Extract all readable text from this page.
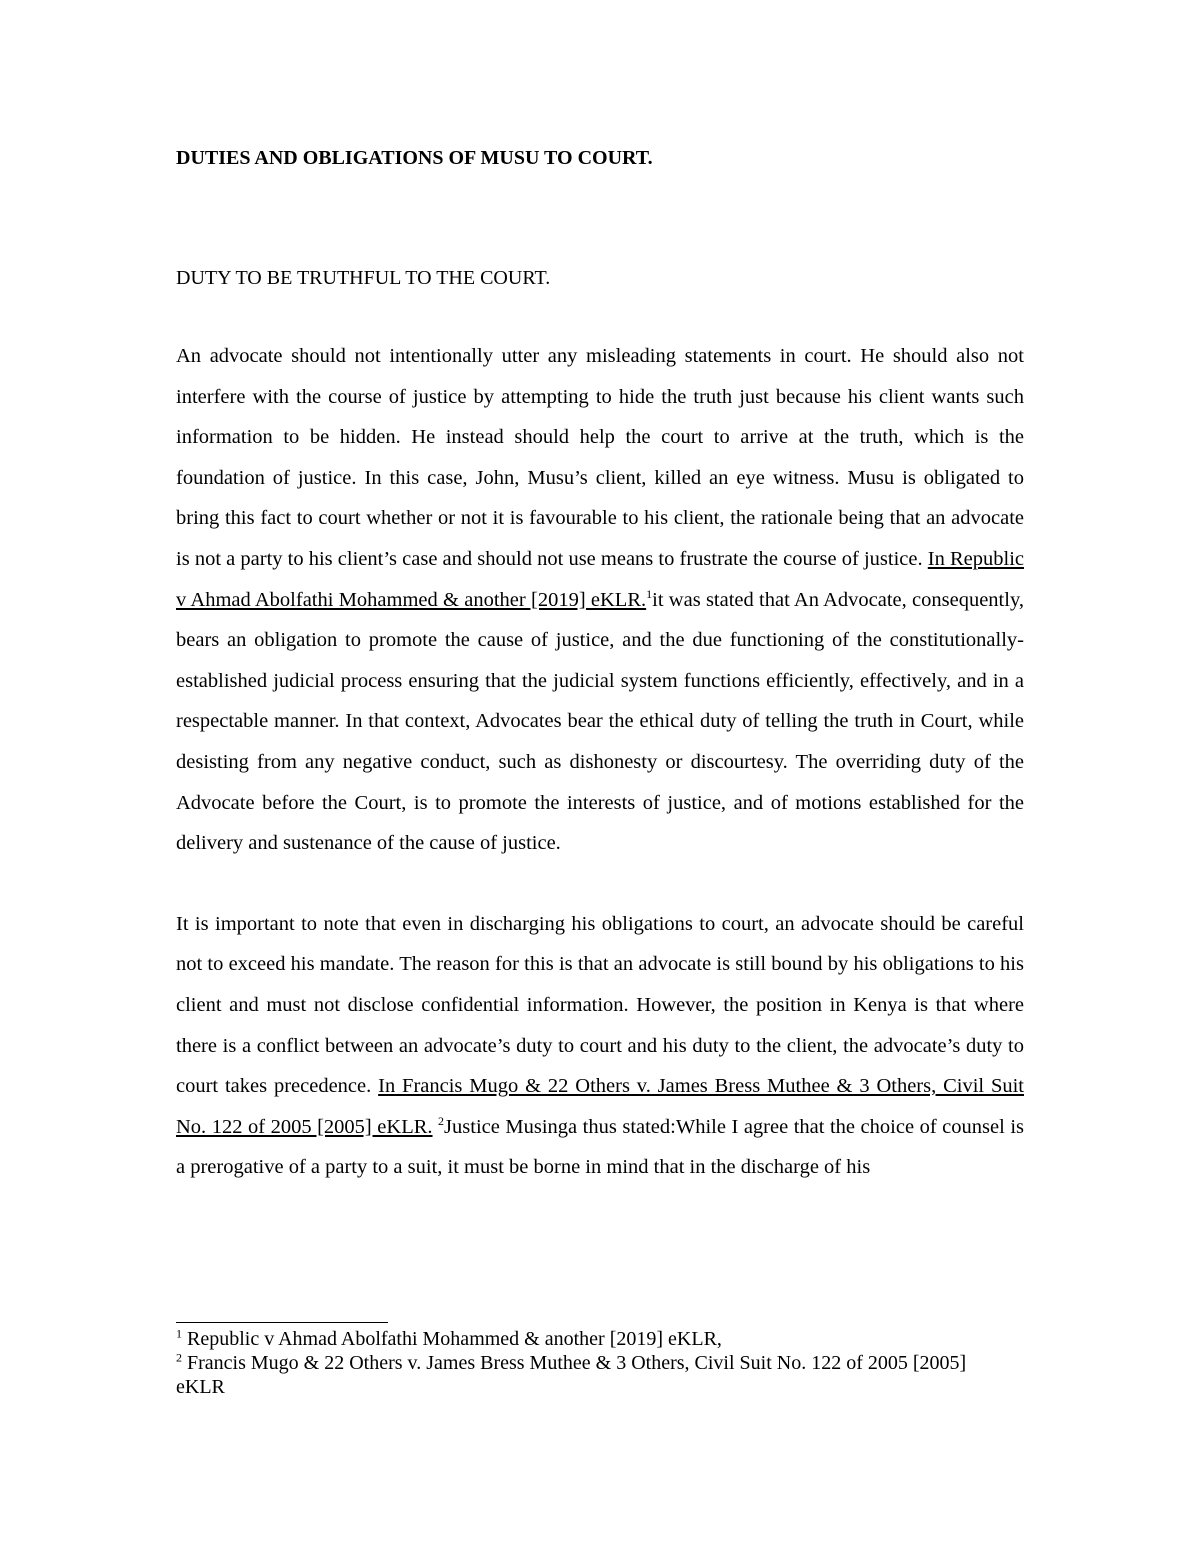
DUTIES AND OBLIGATIONS OF MUSU TO COURT.

DUTY TO BE TRUTHFUL TO THE COURT.

An advocate should not intentionally utter any misleading statements in court. He should also not interfere with the course of justice by attempting to hide the truth just because his client wants such information to be hidden. He instead should help the court to arrive at the truth, which is the foundation of justice. In this case, John, Musu’s client, killed an eye witness. Musu is obligated to bring this fact to court whether or not it is favourable to his client, the rationale being that an advocate is not a party to his client’s case and should not use means to frustrate the course of justice. In Republic v Ahmad Abolfathi Mohammed & another [2019] eKLR.$^1$it was stated that An Advocate, consequently, bears an obligation to promote the cause of justice, and the due functioning of the constitutionally-established judicial process ensuring that the judicial system functions efficiently, effectively, and in a respectable manner. In that context, Advocates bear the ethical duty of telling the truth in Court, while desisting from any negative conduct, such as dishonesty or discourtesy. The overriding duty of the Advocate before the Court, is to promote the interests of justice, and of motions established for the delivery and sustenance of the cause of justice.

It is important to note that even in discharging his obligations to court, an advocate should be careful not to exceed his mandate. The reason for this is that an advocate is still bound by his obligations to his client and must not disclose confidential information. However, the position in Kenya is that where there is a conflict between an advocate’s duty to court and his duty to the client, the advocate’s duty to court takes precedence. In Francis Mugo & 22 Others v. James Bress Muthee & 3 Others, Civil Suit No. 122 of 2005 [2005] eKLR. $^2$Justice Musinga thus stated:While I agree that the choice of counsel is a prerogative of a party to a suit, it must be borne in mind that in the discharge of his

$^1$ Republic v Ahmad Abolfathi Mohammed & another [2019] eKLR,

$^2$ Francis Mugo & 22 Others v. James Bress Muthee & 3 Others, Civil Suit No. 122 of 2005 [2005] eKLR
